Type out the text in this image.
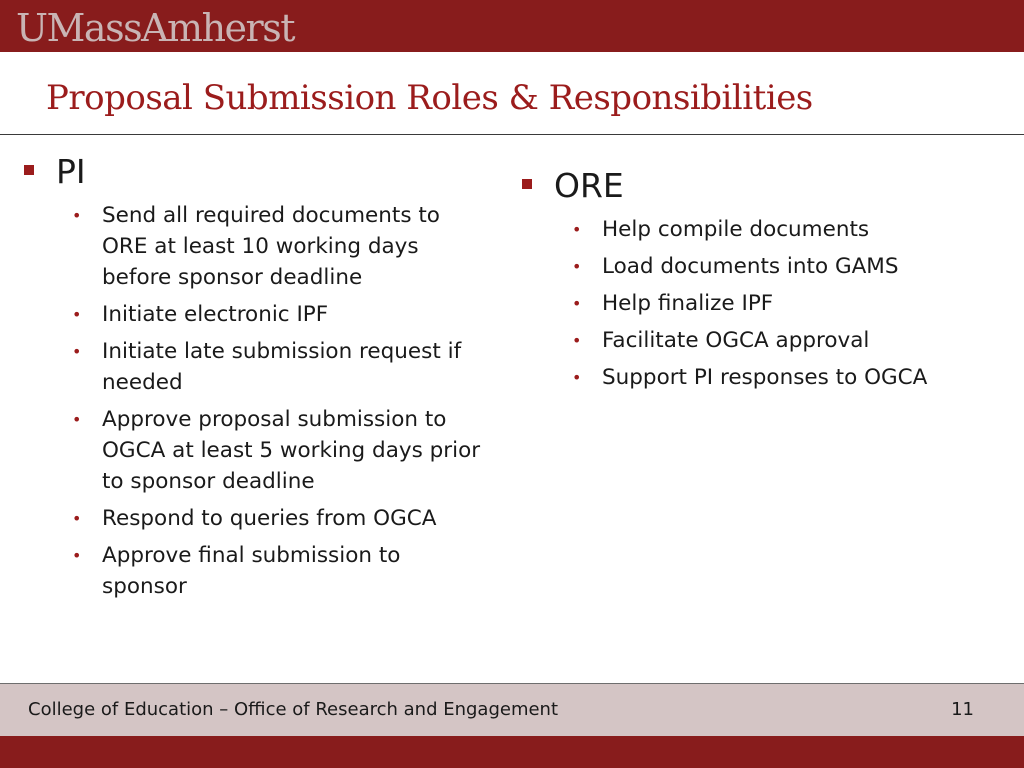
UMassAmherst
Proposal Submission Roles & Responsibilities
PI
• Send all required documents to ORE at least 10 working days before sponsor deadline
• Initiate electronic IPF
• Initiate late submission request if needed
• Approve proposal submission to OGCA at least 5 working days prior to sponsor deadline
• Respond to queries from OGCA
• Approve final submission to sponsor
ORE
• Help compile documents
• Load documents into GAMS
• Help finalize IPF
• Facilitate OGCA approval
• Support PI responses to OGCA
College of Education – Office of Research and Engagement	11
